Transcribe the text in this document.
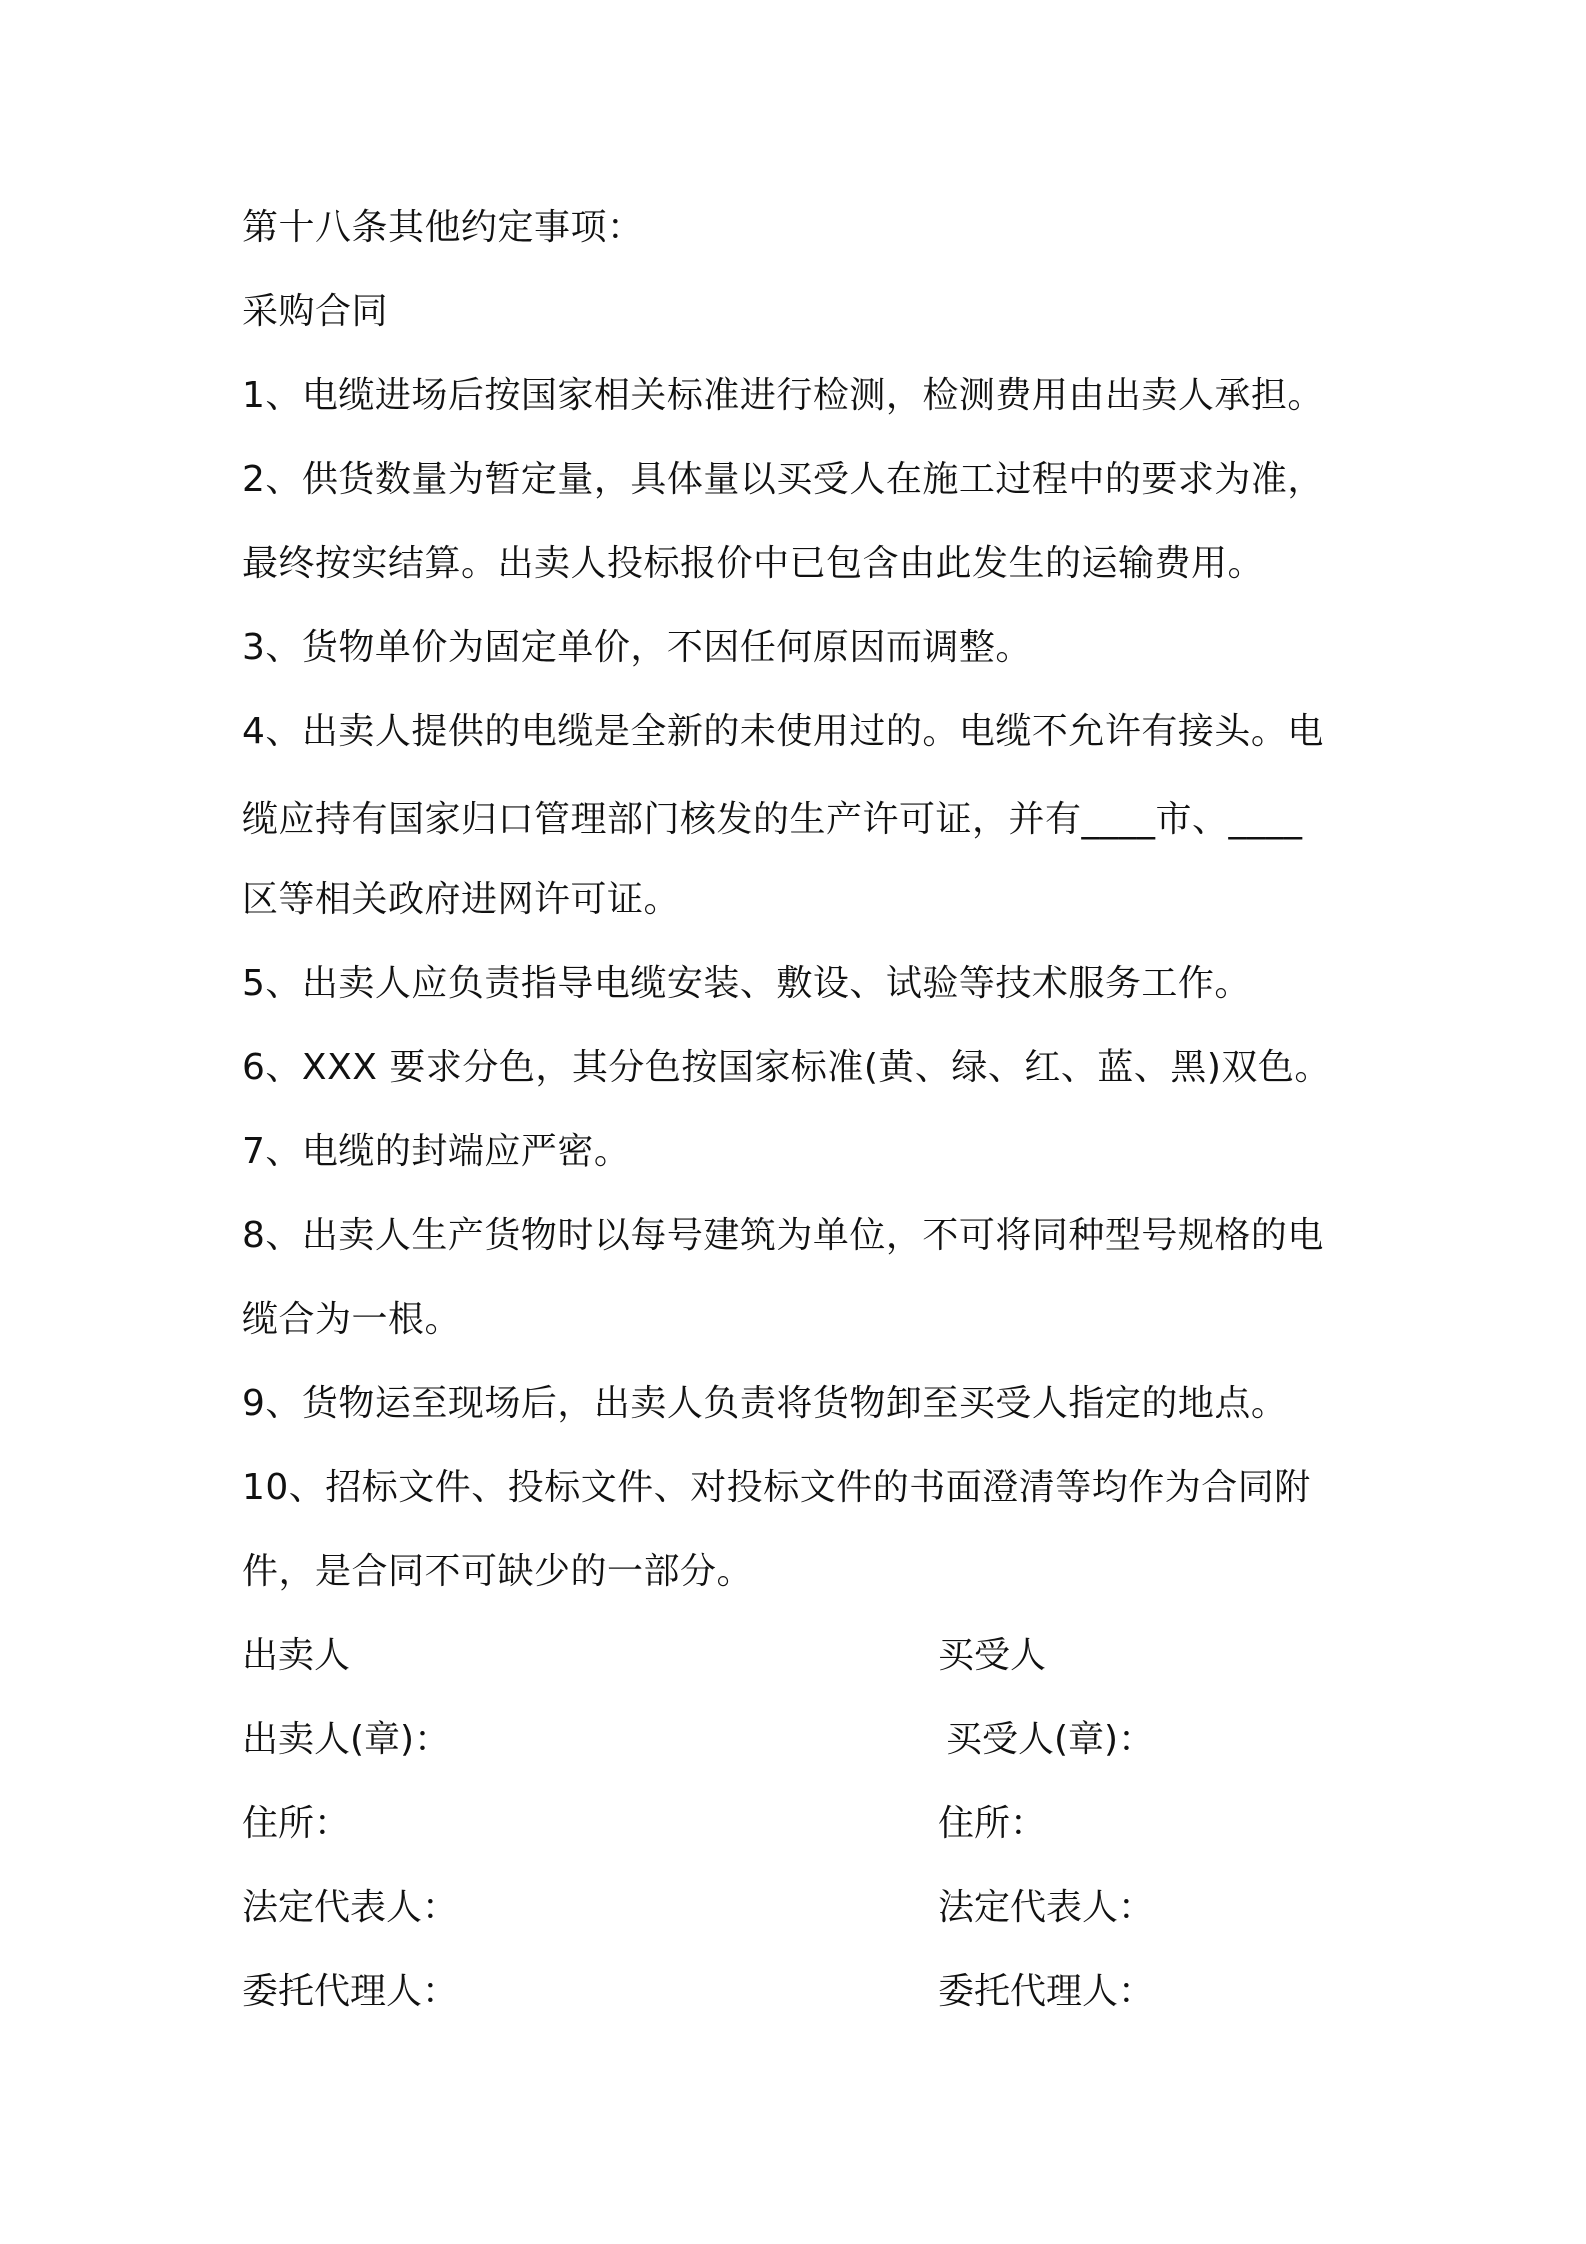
第十八条其他约定事项：
采购合同
1、电缆进场后按国家相关标准进行检测，检测费用由出卖人承担。
2、供货数量为暂定量，具体量以买受人在施工过程中的要求为准，
最终按实结算。出卖人投标报价中已包含由此发生的运输费用。
3、货物单价为固定单价，不因任何原因而调整。
4、出卖人提供的电缆是全新的未使用过的。电缆不允许有接头。电
缆应持有国家归口管理部门核发的生产许可证，并有____市、____
区等相关政府进网许可证。
5、出卖人应负责指导电缆安装、敷设、试验等技术服务工作。
6、XXX 要求分色，其分色按国家标准(黄、绿、红、蓝、黑)双色。
7、电缆的封端应严密。
8、出卖人生产货物时以每号建筑为单位，不可将同种型号规格的电
缆合为一根。
9、货物运至现场后，出卖人负责将货物卸至买受人指定的地点。
10、招标文件、投标文件、对投标文件的书面澄清等均作为合同附
件，是合同不可缺少的一部分。
出卖人	买受人
出卖人(章)：	买受人(章)：
住所：	住所：
法定代表人：	法定代表人：
委托代理人：	委托代理人：
